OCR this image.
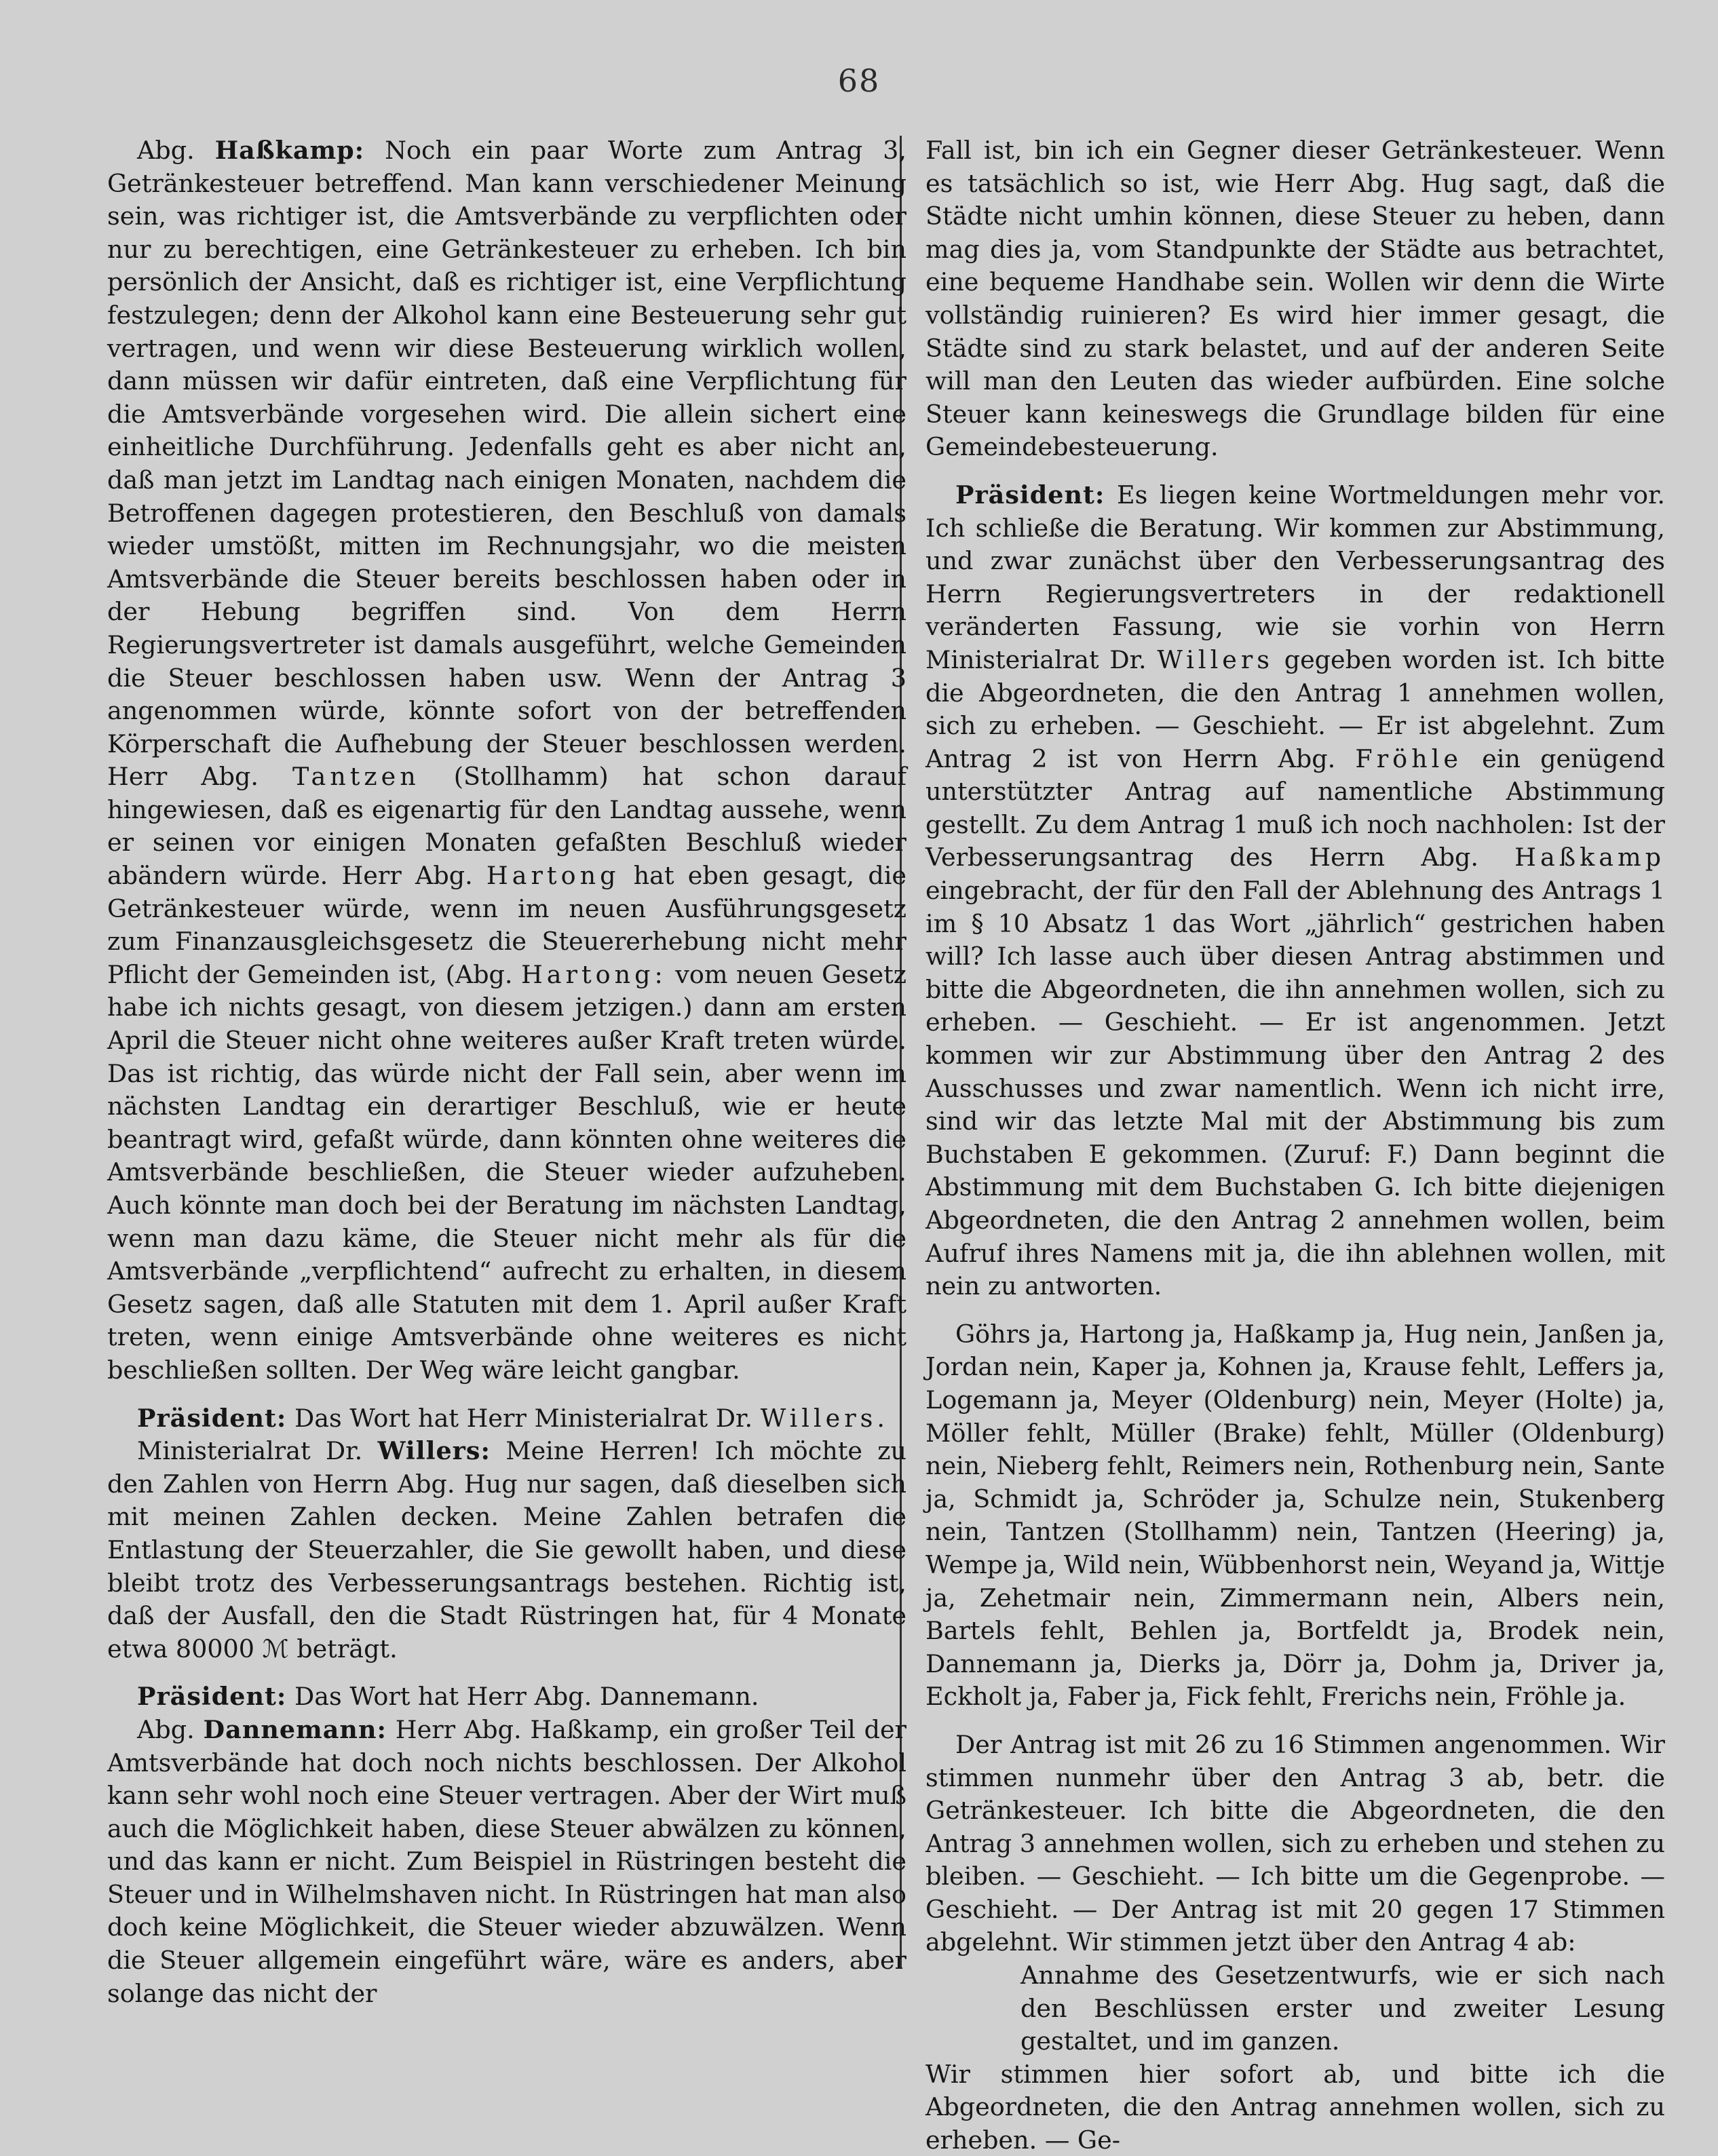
68

Abg. Haßkamp: Noch ein paar Worte zum Antrag 3, Getränkesteuer betreffend. Man kann verschiedener Meinung sein, was richtiger ist, die Amtsverbände zu verpflichten oder nur zu berechtigen, eine Getränkesteuer zu erheben. Ich bin persönlich der Ansicht, daß es richtiger ist, eine Verpflichtung festzulegen; denn der Alkohol kann eine Besteuerung sehr gut vertragen, und wenn wir diese Besteuerung wirklich wollen, dann müssen wir dafür eintreten, daß eine Verpflichtung für die Amtsverbände vorgesehen wird. Die allein sichert eine einheitliche Durchführung. Jedenfalls geht es aber nicht an, daß man jetzt im Landtag nach einigen Monaten, nachdem die Betroffenen dagegen protestieren, den Beschluß von damals wieder umstößt, mitten im Rechnungsjahr, wo die meisten Amtsverbände die Steuer bereits beschlossen haben oder in der Hebung begriffen sind. Von dem Herrn Regierungsvertreter ist damals ausgeführt, welche Gemeinden die Steuer beschlossen haben usw. Wenn der Antrag 3 angenommen würde, könnte sofort von der betreffenden Körperschaft die Aufhebung der Steuer beschlossen werden. Herr Abg. Tantzen (Stollhamm) hat schon darauf hingewiesen, daß es eigenartig für den Landtag aussehe, wenn er seinen vor einigen Monaten gefaßten Beschluß wieder abändern würde. Herr Abg. Hartong hat eben gesagt, die Getränkesteuer würde, wenn im neuen Ausführungsgesetz zum Finanzausgleichsgesetz die Steuererhebung nicht mehr Pflicht der Gemeinden ist, (Abg. Hartong: vom neuen Gesetz habe ich nichts gesagt, von diesem jetzigen.) dann am ersten April die Steuer nicht ohne weiteres außer Kraft treten würde. Das ist richtig, das würde nicht der Fall sein, aber wenn im nächsten Landtag ein derartiger Beschluß, wie er heute beantragt wird, gefaßt würde, dann könnten ohne weiteres die Amtsverbände beschließen, die Steuer wieder aufzuheben. Auch könnte man doch bei der Beratung im nächsten Landtag, wenn man dazu käme, die Steuer nicht mehr als für die Amtsverbände „verpflichtend“ aufrecht zu erhalten, in diesem Gesetz sagen, daß alle Statuten mit dem 1. April außer Kraft treten, wenn einige Amtsverbände ohne weiteres es nicht beschließen sollten. Der Weg wäre leicht gangbar.

Präsident: Das Wort hat Herr Ministerialrat Dr. Willers.

Ministerialrat Dr. Willers: Meine Herren! Ich möchte zu den Zahlen von Herrn Abg. Hug nur sagen, daß dieselben sich mit meinen Zahlen decken. Meine Zahlen betrafen die Entlastung der Steuerzahler, die Sie gewollt haben, und diese bleibt trotz des Verbesserungsantrags bestehen. Richtig ist, daß der Ausfall, den die Stadt Rüstringen hat, für 4 Monate etwa 80000 ℳ beträgt.

Präsident: Das Wort hat Herr Abg. Dannemann.

Abg. Dannemann: Herr Abg. Haßkamp, ein großer Teil der Amtsverbände hat doch noch nichts beschlossen. Der Alkohol kann sehr wohl noch eine Steuer vertragen. Aber der Wirt muß auch die Möglichkeit haben, diese Steuer abwälzen zu können, und das kann er nicht. Zum Beispiel in Rüstringen besteht die Steuer und in Wilhelmshaven nicht. In Rüstringen hat man also doch keine Möglichkeit, die Steuer wieder abzuwälzen. Wenn die Steuer allgemein eingeführt wäre, wäre es anders, aber solange das nicht der

Fall ist, bin ich ein Gegner dieser Getränkesteuer. Wenn es tatsächlich so ist, wie Herr Abg. Hug sagt, daß die Städte nicht umhin können, diese Steuer zu heben, dann mag dies ja, vom Standpunkte der Städte aus betrachtet, eine bequeme Handhabe sein. Wollen wir denn die Wirte vollständig ruinieren? Es wird hier immer gesagt, die Städte sind zu stark belastet, und auf der anderen Seite will man den Leuten das wieder aufbürden. Eine solche Steuer kann keineswegs die Grundlage bilden für eine Gemeindebesteuerung.

Präsident: Es liegen keine Wortmeldungen mehr vor. Ich schließe die Beratung. Wir kommen zur Abstimmung, und zwar zunächst über den Verbesserungsantrag des Herrn Regierungsvertreters in der redaktionell veränderten Fassung, wie sie vorhin von Herrn Ministerialrat Dr. Willers gegeben worden ist. Ich bitte die Abgeordneten, die den Antrag 1 annehmen wollen, sich zu erheben. — Geschieht. — Er ist abgelehnt. Zum Antrag 2 ist von Herrn Abg. Fröhle ein genügend unterstützter Antrag auf namentliche Abstimmung gestellt. Zu dem Antrag 1 muß ich noch nachholen: Ist der Verbesserungsantrag des Herrn Abg. Haßkamp eingebracht, der für den Fall der Ablehnung des Antrags 1 im § 10 Absatz 1 das Wort „jährlich“ gestrichen haben will? Ich lasse auch über diesen Antrag abstimmen und bitte die Abgeordneten, die ihn annehmen wollen, sich zu erheben. — Geschieht. — Er ist angenommen. Jetzt kommen wir zur Abstimmung über den Antrag 2 des Ausschusses und zwar namentlich. Wenn ich nicht irre, sind wir das letzte Mal mit der Abstimmung bis zum Buchstaben E gekommen. (Zuruf: F.) Dann beginnt die Abstimmung mit dem Buchstaben G. Ich bitte diejenigen Abgeordneten, die den Antrag 2 annehmen wollen, beim Aufruf ihres Namens mit ja, die ihn ablehnen wollen, mit nein zu antworten.

Göhrs ja, Hartong ja, Haßkamp ja, Hug nein, Janßen ja, Jordan nein, Kaper ja, Kohnen ja, Krause fehlt, Leffers ja, Logemann ja, Meyer (Oldenburg) nein, Meyer (Holte) ja, Möller fehlt, Müller (Brake) fehlt, Müller (Oldenburg) nein, Nieberg fehlt, Reimers nein, Rothenburg nein, Sante ja, Schmidt ja, Schröder ja, Schulze nein, Stukenberg nein, Tantzen (Stollhamm) nein, Tantzen (Heering) ja, Wempe ja, Wild nein, Wübbenhorst nein, Weyand ja, Wittje ja, Zehetmair nein, Zimmermann nein, Albers nein, Bartels fehlt, Behlen ja, Bortfeldt ja, Brodek nein, Dannemann ja, Dierks ja, Dörr ja, Dohm ja, Driver ja, Eckholt ja, Faber ja, Fick fehlt, Frerichs nein, Fröhle ja.

Der Antrag ist mit 26 zu 16 Stimmen angenommen. Wir stimmen nunmehr über den Antrag 3 ab, betr. die Getränkesteuer. Ich bitte die Abgeordneten, die den Antrag 3 annehmen wollen, sich zu erheben und stehen zu bleiben. — Geschieht. — Ich bitte um die Gegenprobe. — Geschieht. — Der Antrag ist mit 20 gegen 17 Stimmen abgelehnt. Wir stimmen jetzt über den Antrag 4 ab:

Annahme des Gesetzentwurfs, wie er sich nach den Beschlüssen erster und zweiter Lesung gestaltet, und im ganzen.

Wir stimmen hier sofort ab, und bitte ich die Abgeordneten, die den Antrag annehmen wollen, sich zu erheben. — Ge-
